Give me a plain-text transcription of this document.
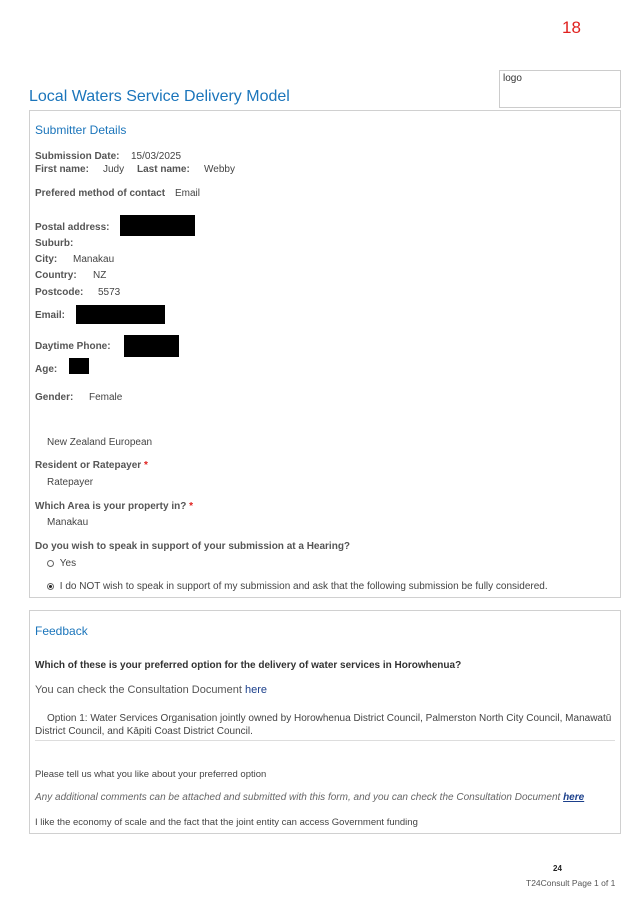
18
logo
Local Waters Service Delivery Model
Submitter Details
Submission Date: 15/03/2025
First name: Judy Last name: Webby
Prefered method of contact Email
Postal address:
Suburb:
City: Manakau
Country: NZ
Postcode: 5573
Email:
Daytime Phone:
Age:
Gender: Female
New Zealand European
Resident or Ratepayer *
Ratepayer
Which Area is your property in? *
Manakau
Do you wish to speak in support of your submission at a Hearing?
Yes
I do NOT wish to speak in support of my submission and ask that the following submission be fully considered.
Feedback
Which of these is your preferred option for the delivery of water services in Horowhenua?
You can check the Consultation Document here
Option 1: Water Services Organisation jointly owned by Horowhenua District Council, Palmerston North City Council, Manawatū District Council, and Kāpiti Coast District Council.
Please tell us what you like about your preferred option
Any additional comments can be attached and submitted with this form, and you can check the Consultation Document here
I like the economy of scale and the fact that the joint entity can access Government funding
24
T24Consult Page 1 of 1
